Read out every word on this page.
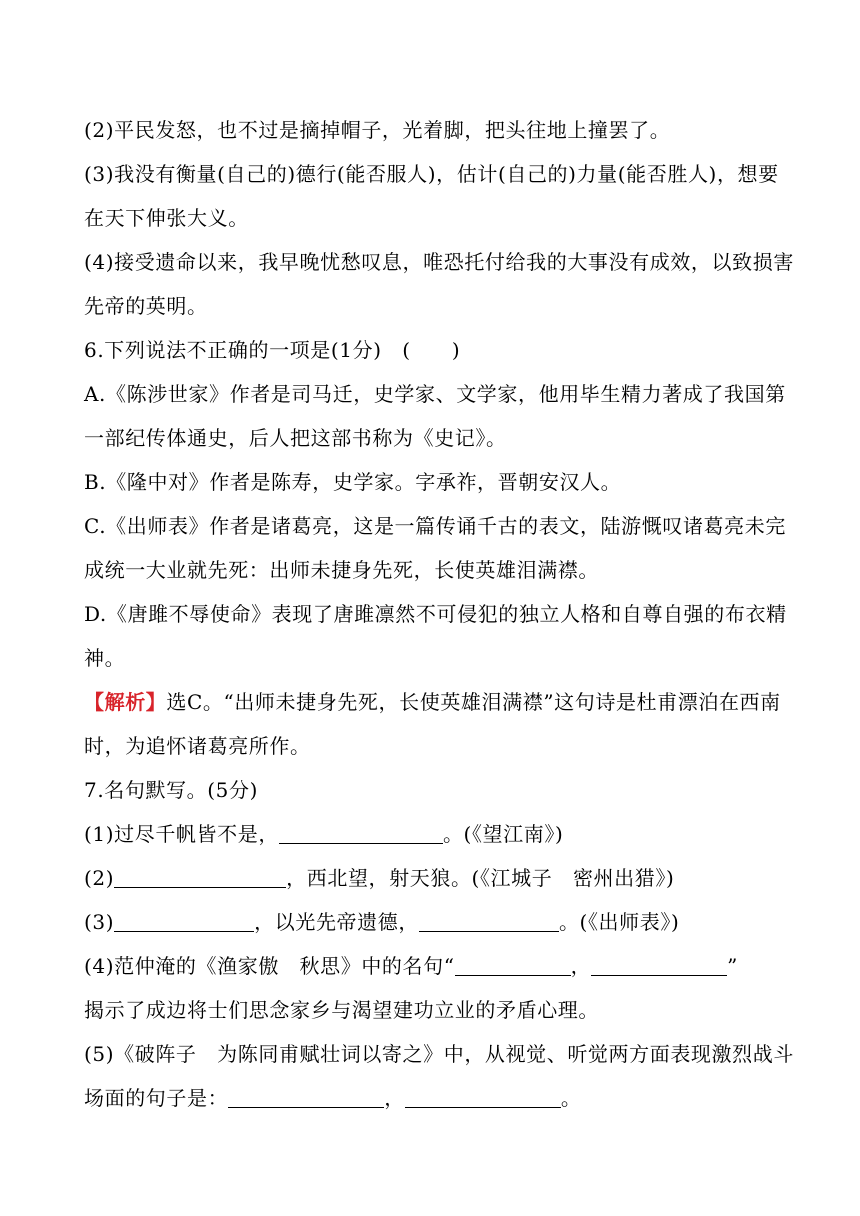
(2)平民发怒，也不过是摘掉帽子，光着脚，把头往地上撞罢了。
(3)我没有衡量(自己的)德行(能否服人)，估计(自己的)力量(能否胜人)，想要
在天下伸张大义。
(4)接受遗命以来，我早晚忧愁叹息，唯恐托付给我的大事没有成效，以致损害
先帝的英明。
6.下列说法不正确的一项是(1分)　(　　)
A.《陈涉世家》作者是司马迁，史学家、文学家，他用毕生精力著成了我国第
一部纪传体通史，后人把这部书称为《史记》。
B.《隆中对》作者是陈寿，史学家。字承祚，晋朝安汉人。
C.《出师表》作者是诸葛亮，这是一篇传诵千古的表文，陆游慨叹诸葛亮未完
成统一大业就先死：出师未捷身先死，长使英雄泪满襟。
D.《唐雎不辱使命》表现了唐雎凛然不可侵犯的独立人格和自尊自强的布衣精
神。
【解析】选C。“出师未捷身先死，长使英雄泪满襟”这句诗是杜甫漂泊在西南
时，为追怀诸葛亮所作。
7.名句默写。(5分)
(1)过尽千帆皆不是，	。(《望江南》)
(2)	，西北望，射天狼。(《江城子　密州出猎》)
(3)	，以光先帝遗德，	。(《出师表》)
(4)范仲淹的《渔家傲　秋思》中的名句“	，	”
揭示了成边将士们思念家乡与渴望建功立业的矛盾心理。
(5)《破阵子　为陈同甫赋壮词以寄之》中，从视觉、听觉两方面表现激烈战斗
场面的句子是：	，	。
